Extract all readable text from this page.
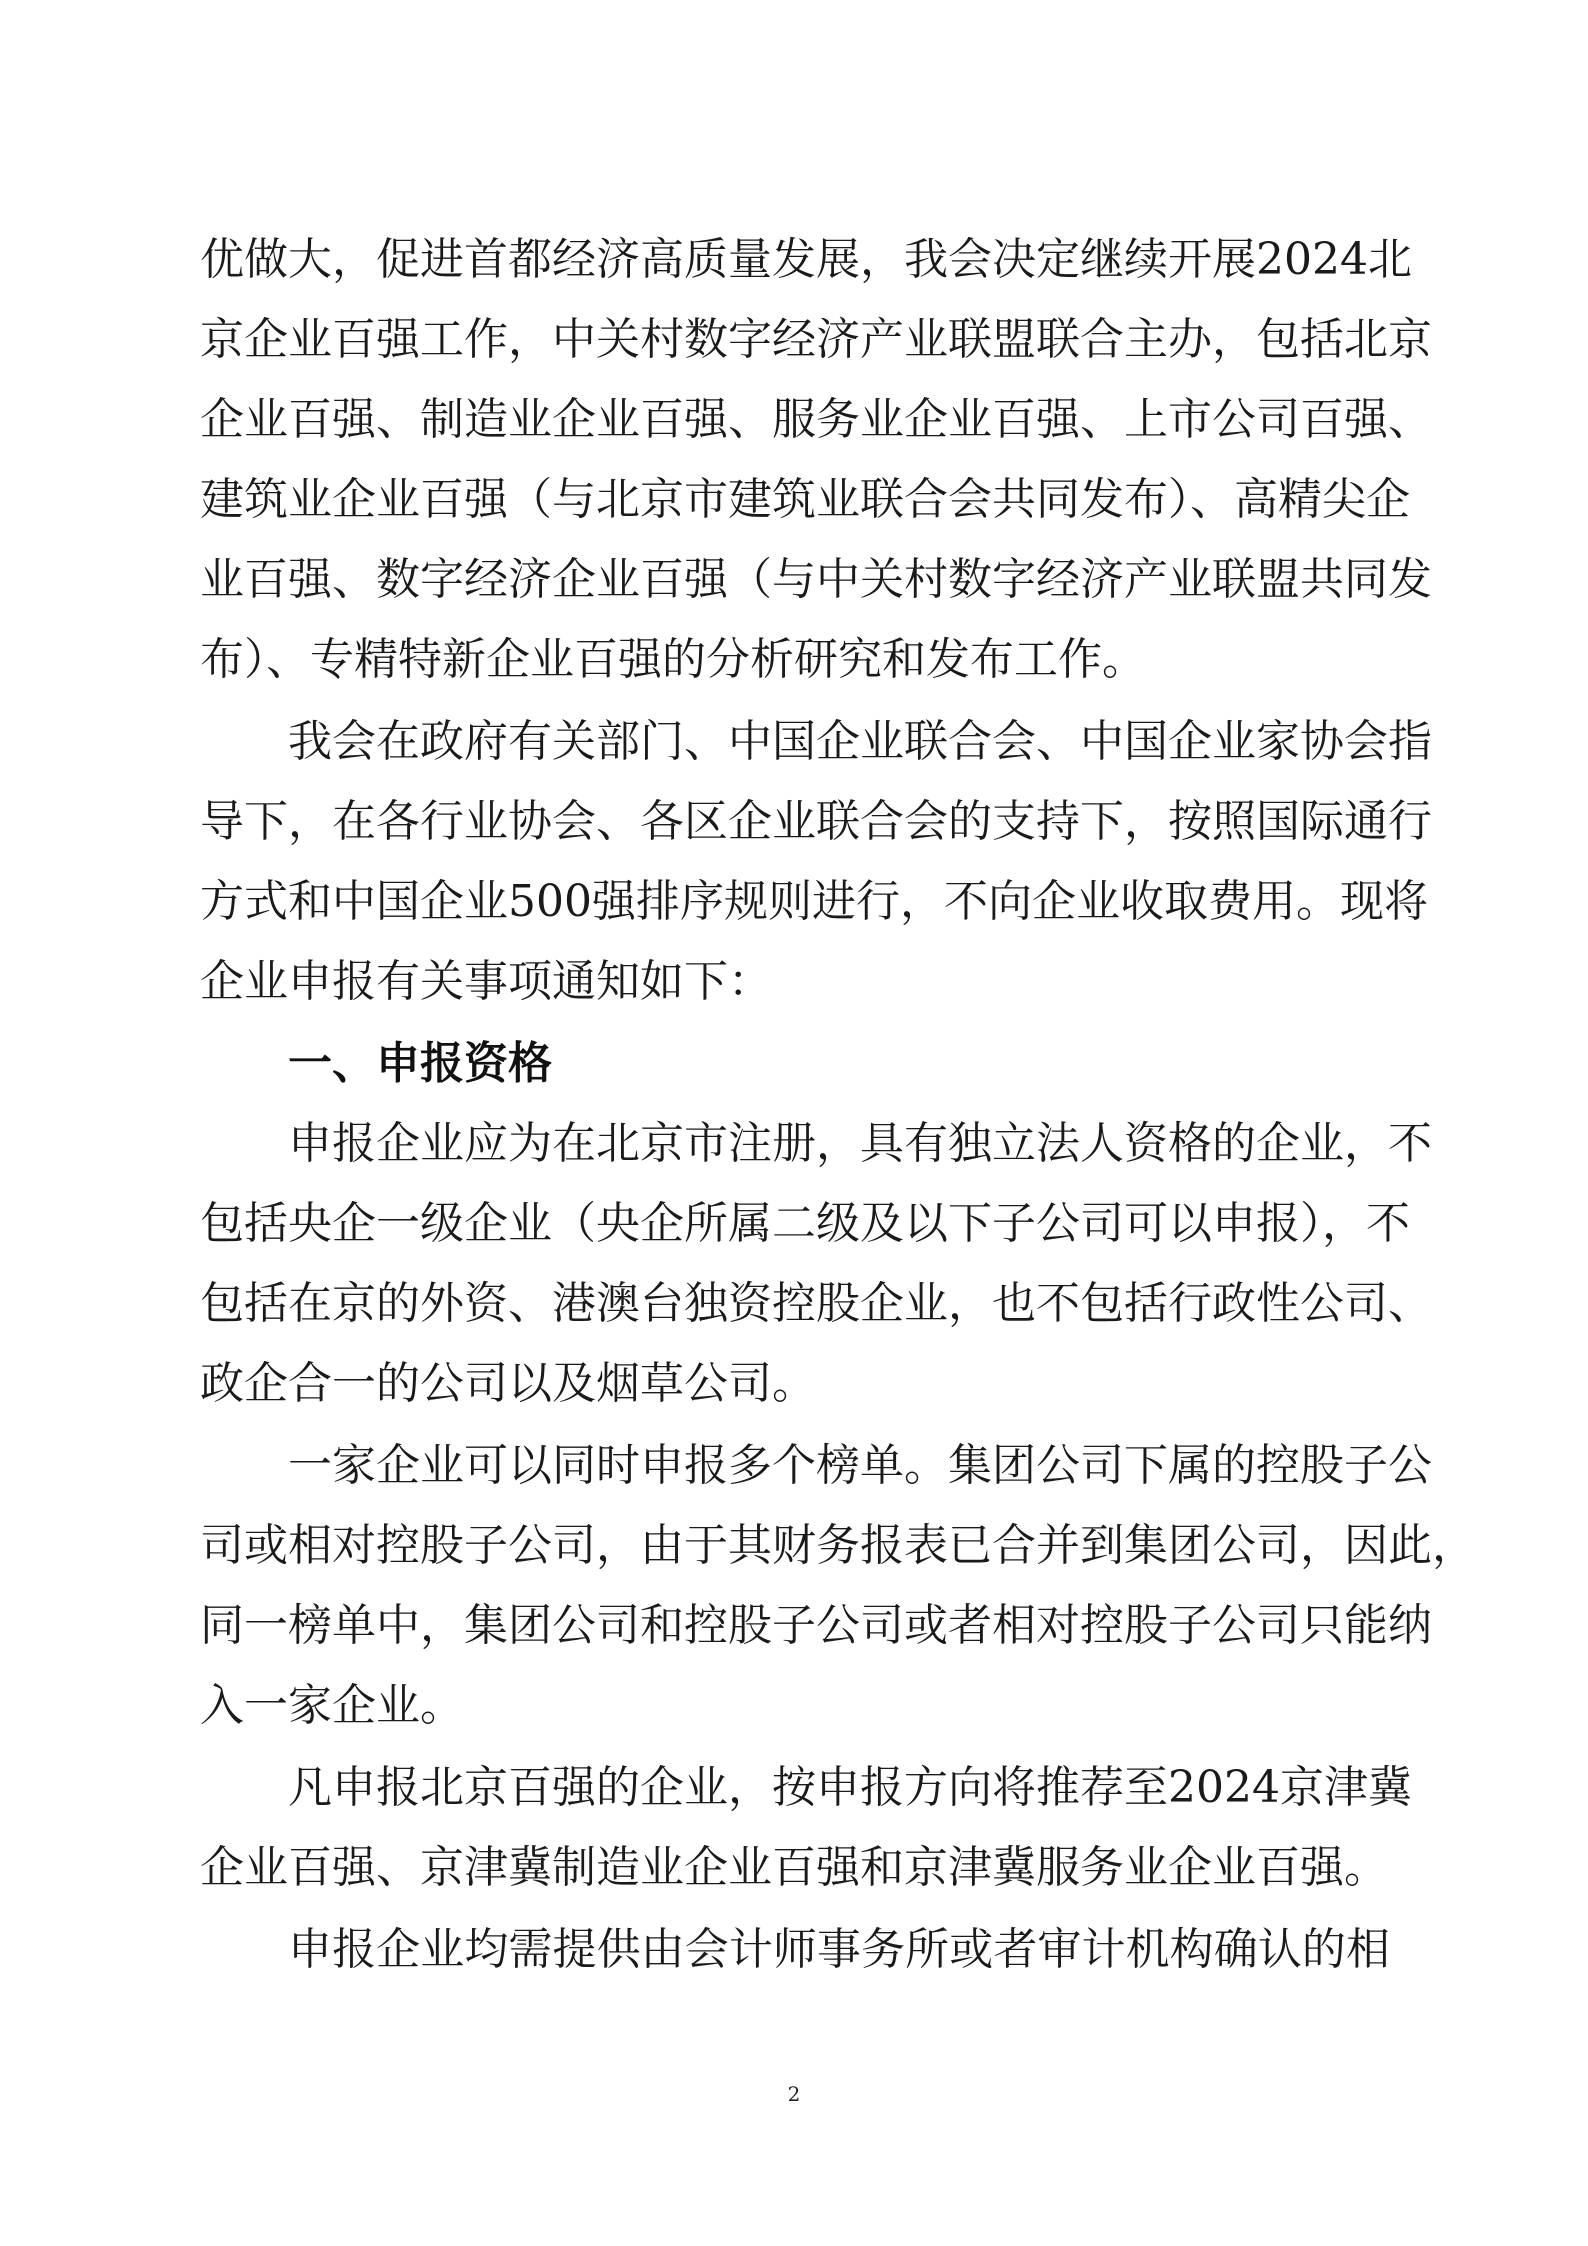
优做大，促进首都经济高质量发展，我会决定继续开展2024北
京企业百强工作，中关村数字经济产业联盟联合主办，包括北京
企业百强、制造业企业百强、服务业企业百强、上市公司百强、
建筑业企业百强（与北京市建筑业联合会共同发布）、高精尖企
业百强、数字经济企业百强（与中关村数字经济产业联盟共同发
布）、专精特新企业百强的分析研究和发布工作。
我会在政府有关部门、中国企业联合会、中国企业家协会指
导下，在各行业协会、各区企业联合会的支持下，按照国际通行
方式和中国企业500强排序规则进行，不向企业收取费用。现将
企业申报有关事项通知如下：
一、申报资格
申报企业应为在北京市注册，具有独立法人资格的企业，不
包括央企一级企业（央企所属二级及以下子公司可以申报），不
包括在京的外资、港澳台独资控股企业，也不包括行政性公司、
政企合一的公司以及烟草公司。
一家企业可以同时申报多个榜单。集团公司下属的控股子公
司或相对控股子公司，由于其财务报表已合并到集团公司，因此，
同一榜单中，集团公司和控股子公司或者相对控股子公司只能纳
入一家企业。
凡申报北京百强的企业，按申报方向将推荐至2024京津冀
企业百强、京津冀制造业企业百强和京津冀服务业企业百强。
申报企业均需提供由会计师事务所或者审计机构确认的相
2
